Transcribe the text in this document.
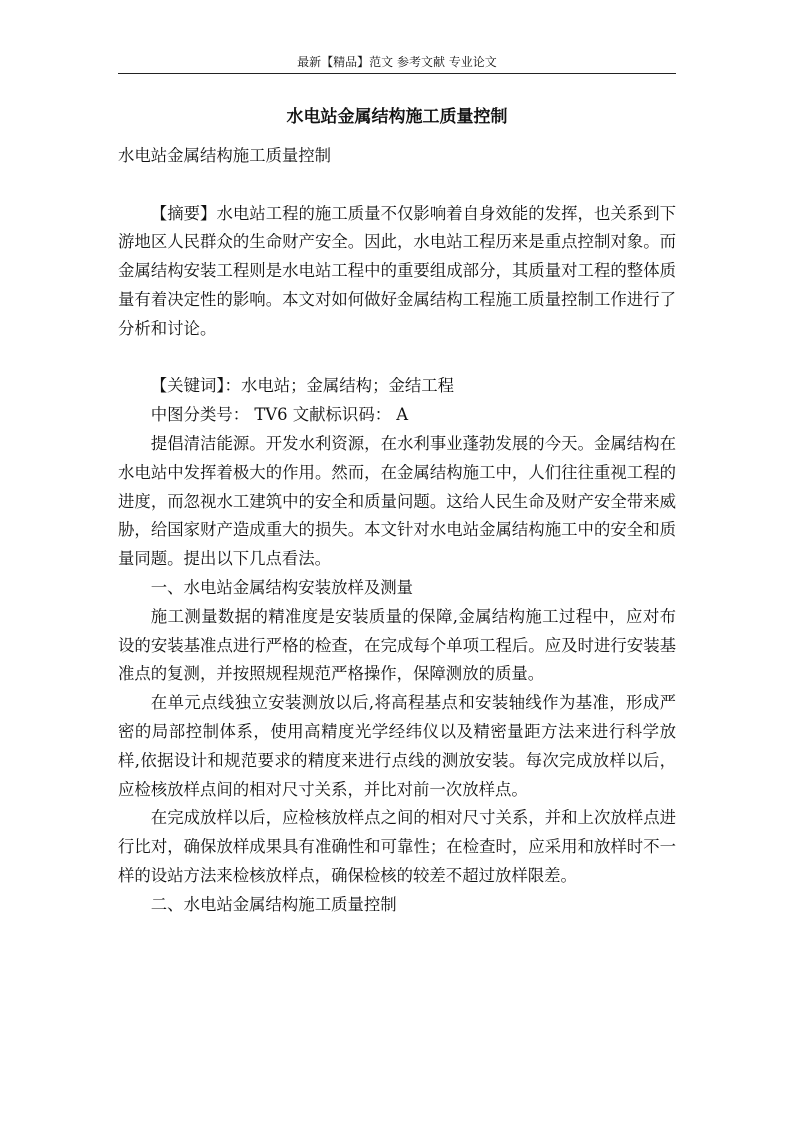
最新【精品】范文 参考文献 专业论文
水电站金属结构施工质量控制

水电站金属结构施工质量控制

【摘要】水电站工程的施工质量不仅影响着自身效能的发挥，也关系到下游地区人民群众的生命财产安全。因此，水电站工程历来是重点控制对象。而金属结构安装工程则是水电站工程中的重要组成部分，其质量对工程的整体质量有着决定性的影响。本文对如何做好金属结构工程施工质量控制工作进行了分析和讨论。

【关键词】：水电站；金属结构；金结工程

中图分类号： TV6 文献标识码： A

提倡清洁能源。开发水利资源，在水利事业蓬勃发展的今天。金属结构在水电站中发挥着极大的作用。然而，在金属结构施工中，人们往往重视工程的进度，而忽视水工建筑中的安全和质量问题。这给人民生命及财产安全带来威胁，给国家财产造成重大的损失。本文针对水电站金属结构施工中的安全和质量同题。提出以下几点看法。

一、水电站金属结构安装放样及测量

施工测量数据的精准度是安装质量的保障,金属结构施工过程中，应对布设的安装基准点进行严格的检查，在完成每个单项工程后。应及时进行安装基准点的复测，并按照规程规范严格操作，保障测放的质量。

在单元点线独立安装测放以后,将高程基点和安装轴线作为基准，形成严密的局部控制体系，使用高精度光学经纬仪以及精密量距方法来进行科学放样,依据设计和规范要求的精度来进行点线的测放安装。每次完成放样以后，应检核放样点间的相对尺寸关系，并比对前一次放样点。

在完成放样以后，应检核放样点之间的相对尺寸关系，并和上次放样点进行比对，确保放样成果具有准确性和可靠性；在检查时，应采用和放样时不一样的设站方法来检核放样点，确保检核的较差不超过放样限差。

二、水电站金属结构施工质量控制
